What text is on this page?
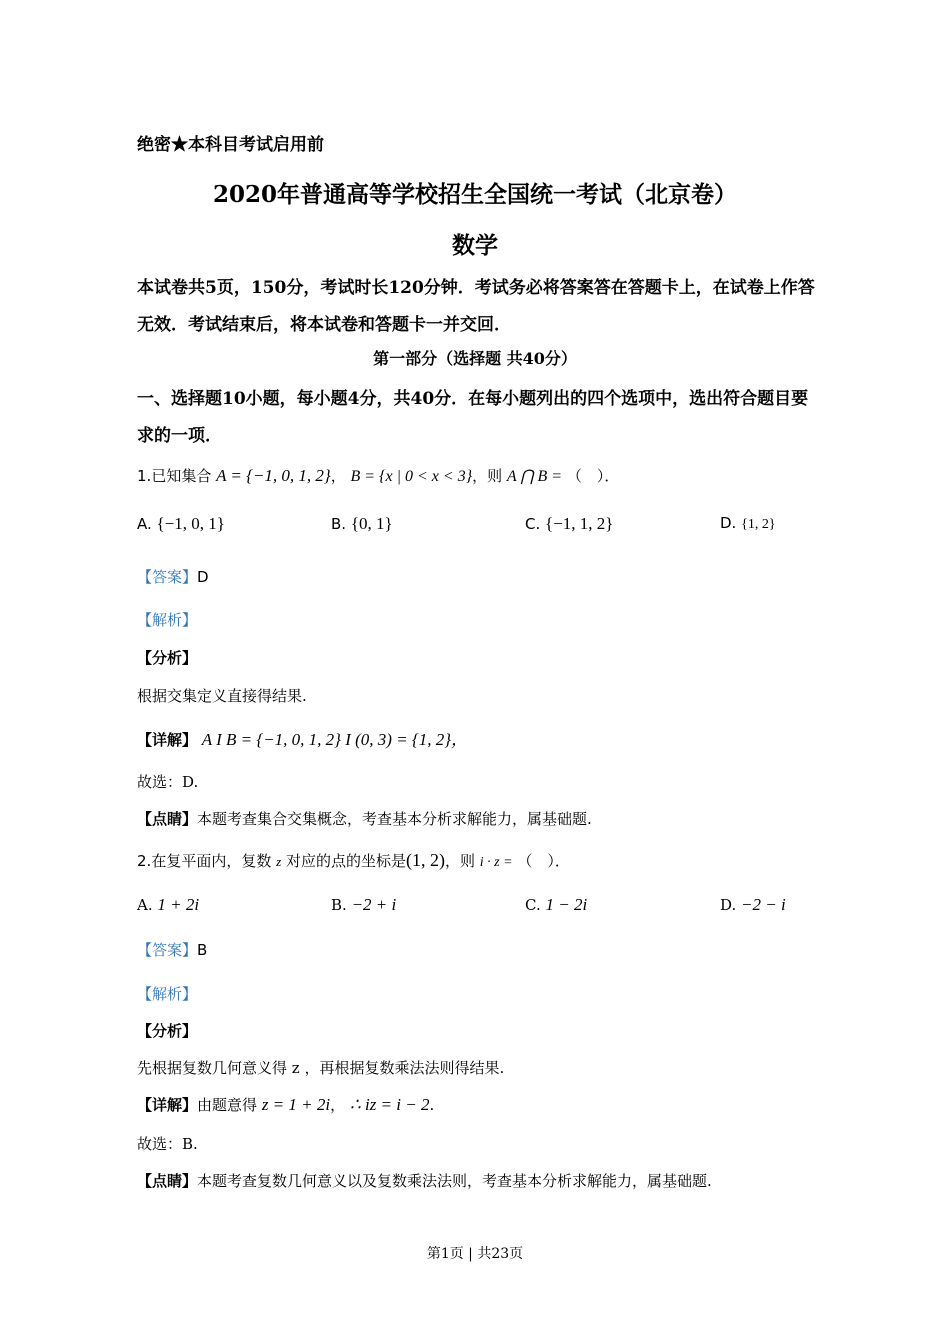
绝密★本科目考试启用前
2020年普通高等学校招生全国统一考试（北京卷）
数学
本试卷共5页，150分，考试时长120分钟．考试务必将答案答在答题卡上，在试卷上作答无效．考试结束后，将本试卷和答题卡一并交回．
第一部分（选择题 共40分）
一、选择题10小题，每小题4分，共40分．在每小题列出的四个选项中，选出符合题目要求的一项．
1.已知集合 A = {−1, 0, 1, 2}， B = {x | 0 < x < 3}，则 A ⋂ B = （　）．
A. {−1, 0, 1}	B. {0, 1}	C. {−1, 1, 2}	D. {1, 2}
【答案】D
【解析】
【分析】
根据交集定义直接得结果.
【详解】 A I B = {−1, 0, 1, 2} I (0, 3) = {1, 2}，
故选：D.
【点睛】本题考查集合交集概念，考查基本分析求解能力，属基础题.
2.在复平面内，复数 z 对应的点的坐标是(1, 2)，则 i · z = （　）．
A. 1 + 2i	B. −2 + i	C. 1 − 2i	D. −2 − i
【答案】B
【解析】
【分析】
先根据复数几何意义得 z ，再根据复数乘法法则得结果.
【详解】由题意得 z = 1 + 2i， ∴ iz = i − 2.
故选：B.
【点睛】本题考查复数几何意义以及复数乘法法则，考查基本分析求解能力，属基础题.
第1页 | 共23页
